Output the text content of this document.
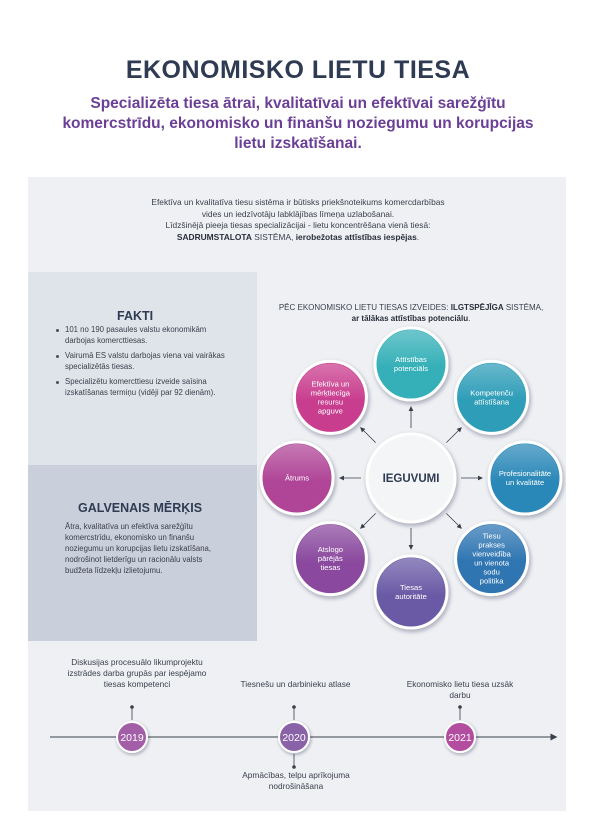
EKONOMISKO LIETU TIESA
Specializēta tiesa ātrai, kvalitatīvai un efektīvai sarežģītu komercstrīdu, ekonomisko un finanšu noziegumu un korupcijas lietu izskatīšanai.
Efektīva un kvalitatīva tiesu sistēma ir būtisks priekšnoteikums komercdarbības
vides un iedzīvotāju labklājības līmeņa uzlabošanai.
Līdzšinējā pieeja tiesas specializācijai - lietu koncentrēšana vienā tiesā:
SADRUMSTALOTA SISTĒMA, ierobežotas attīstības iespējas.
FAKTI
101 no 190 pasaules valstu ekonomikām darbojas komercttiesas.
Vairumā ES valstu darbojas viena vai vairākas specializētās tiesas.
Specializētu komercttiesu izveide saīsina izskatīšanas termiņu (vidēji par 92 dienām).
GALVENAIS MĒRĶIS
Ātra, kvalitatīva un efektīva sarežģītu komercstrīdu, ekonomisko un finanšu noziegumu un korupcijas lietu izskatīšana, nodrošinot lietderīgu un racionālu valsts budžeta līdzekļu izlietojumu.
PĒC EKONOMISKO LIETU TIESAS IZVEIDES: ILGTSPĒJĪGA SISTĒMA, ar tālākas attīstības potenciālu.
Attīstības potenciāls
Kompetenču attīstīšana
Profesionalitāte un kvalitāte
Tiesu prakses vienveidība un vienota sodu politika
Tiesas autoritāte
Atslogo pārējās tiesas
Ātrums
Efektīva un mērķtiecīga resursu apguve
IEGUVUMI
2019	2020	2021
Diskusijas procesuālo likumprojektu izstrādes darba grupās par iespējamo tiesas kompetenci	Tiesnešu un darbinieku atlase
Apmācības, telpu aprīkojuma nodrošināšana
Ekonomisko lietu tiesa uzsāk darbu
